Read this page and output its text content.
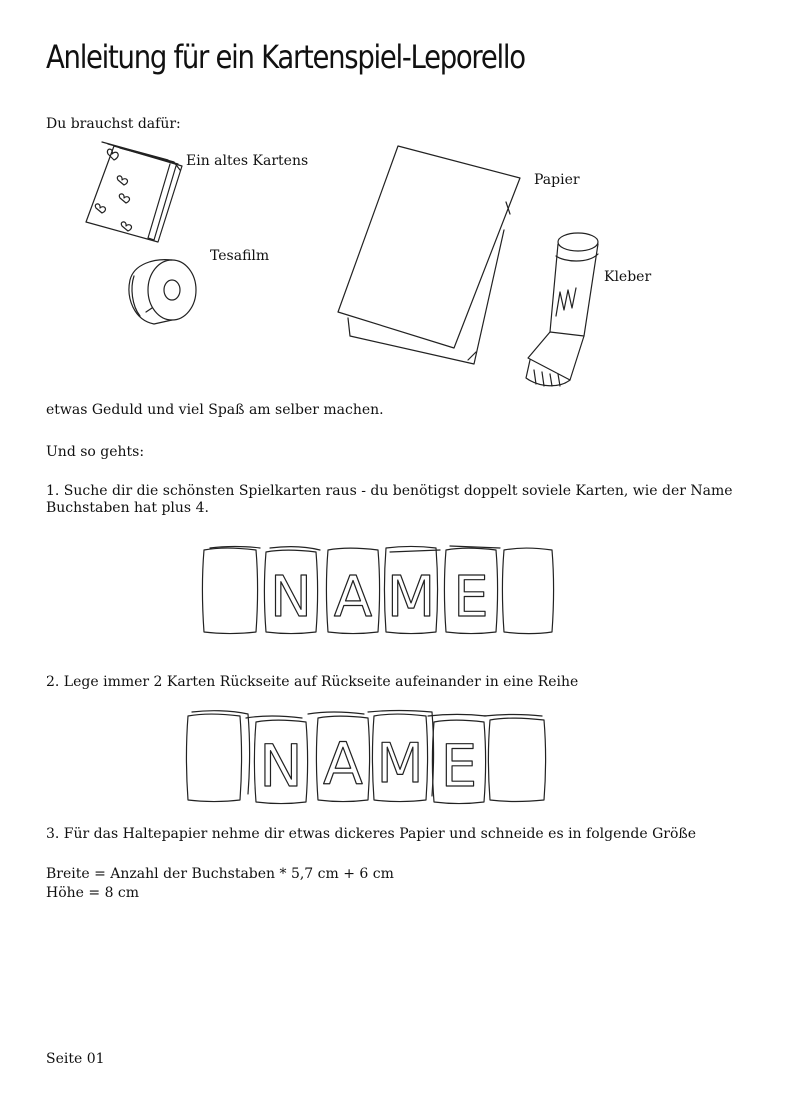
Anleitung für ein Kartenspiel-Leporello

Du brauchst dafür:

Ein altes Kartens
Tesafilm
Papier
Kleber

etwas Geduld und viel Spaß am selber machen.

Und so gehts:

1. Suche dir die schönsten Spielkarten raus - du benötigst doppelt soviele Karten, wie der Name Buchstaben hat plus 4.

N A M E

2. Lege immer 2 Karten Rückseite auf Rückseite aufeinander in eine Reihe

N A M E

3. Für das Haltepapier nehme dir etwas dickeres Papier und schneide es in folgende Größe

Breite = Anzahl der Buchstaben * 5,7 cm + 6 cm

Höhe = 8 cm

Seite 01
